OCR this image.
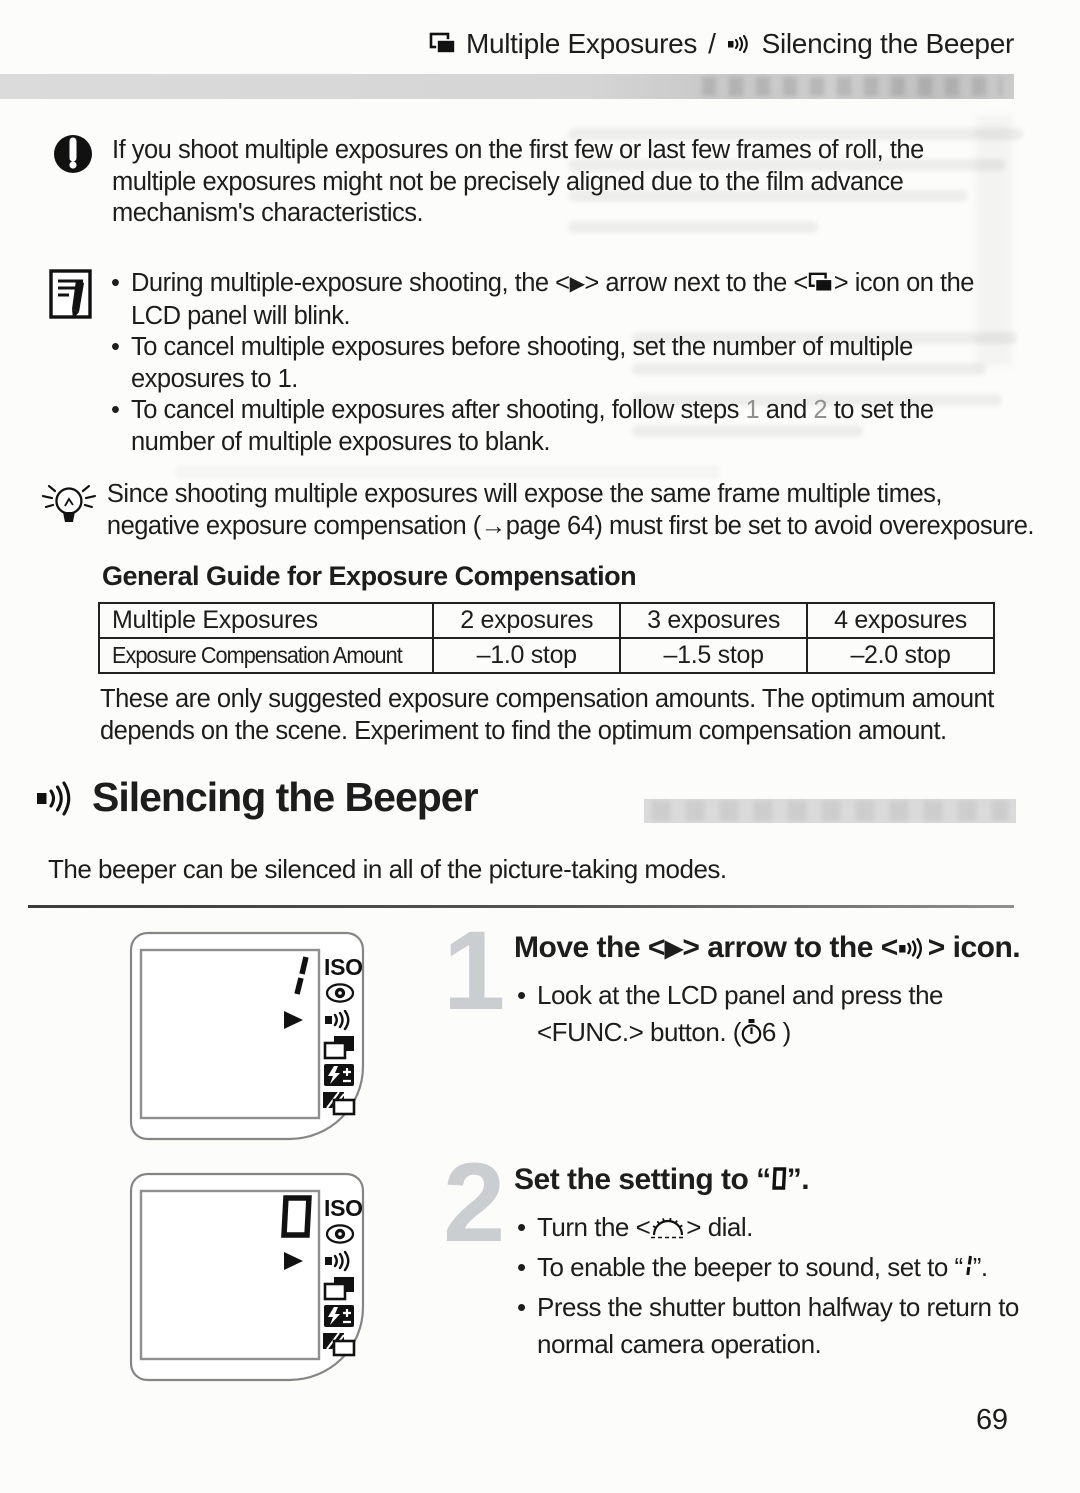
Multiple Exposures / Silencing the Beeper

If you shoot multiple exposures on the first few or last few frames of roll, the multiple exposures might not be precisely aligned due to the film advance mechanism's characteristics.

• During multiple-exposure shooting, the <▶> arrow next to the < > icon on the LCD panel will blink.
• To cancel multiple exposures before shooting, set the number of multiple exposures to 1.
• To cancel multiple exposures after shooting, follow steps 1 and 2 to set the number of multiple exposures to blank.

Since shooting multiple exposures will expose the same frame multiple times, negative exposure compensation (→page 64) must first be set to avoid overexposure.

General Guide for Exposure Compensation
Multiple Exposures	2 exposures	3 exposures	4 exposures
Exposure Compensation Amount	–1.0 stop	–1.5 stop	–2.0 stop

These are only suggested exposure compensation amounts. The optimum amount depends on the scene. Experiment to find the optimum compensation amount.

Silencing the Beeper

The beeper can be silenced in all of the picture-taking modes.

ISO 1 Move the <▶> arrow to the < > icon.
• Look at the LCD panel and press the <FUNC.> button. ( 6 )
ISO 2 Set the setting to “ ”.
• Turn the < > dial.
• To enable the beeper to sound, set to “ ”.
• Press the shutter button halfway to return to normal camera operation.
69
